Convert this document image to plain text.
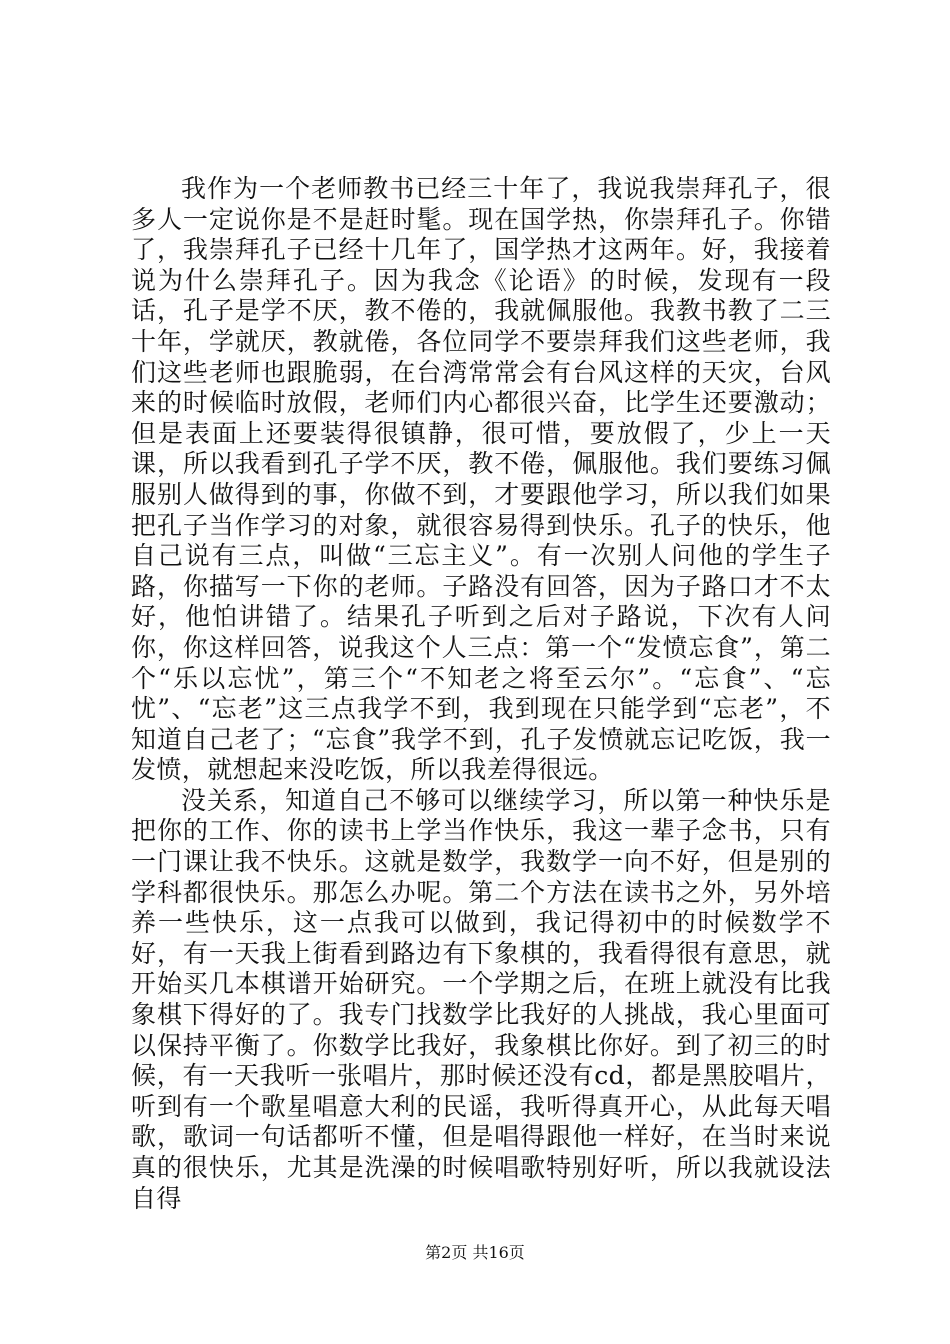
我作为一个老师教书已经三十年了，我说我崇拜孔子，很多人一定说你是不是赶时髦。现在国学热，你崇拜孔子。你错了，我崇拜孔子已经十几年了，国学热才这两年。好，我接着说为什么崇拜孔子。因为我念《论语》的时候，发现有一段话，孔子是学不厌，教不倦的，我就佩服他。我教书教了二三十年，学就厌，教就倦，各位同学不要崇拜我们这些老师，我们这些老师也跟脆弱，在台湾常常会有台风这样的天灾，台风来的时候临时放假，老师们内心都很兴奋，比学生还要激动；但是表面上还要装得很镇静，很可惜，要放假了，少上一天课，所以我看到孔子学不厌，教不倦，佩服他。我们要练习佩服别人做得到的事，你做不到，才要跟他学习，所以我们如果把孔子当作学习的对象，就很容易得到快乐。孔子的快乐，他自己说有三点，叫做“三忘主义”。有一次别人问他的学生子路，你描写一下你的老师。子路没有回答，因为子路口才不太好，他怕讲错了。结果孔子听到之后对子路说，下次有人问你，你这样回答，说我这个人三点：第一个“发愤忘食”，第二个“乐以忘忧”，第三个“不知老之将至云尔”。“忘食”、“忘忧”、“忘老”这三点我学不到，我到现在只能学到“忘老”，不知道自己老了；“忘食”我学不到，孔子发愤就忘记吃饭，我一发愤，就想起来没吃饭，所以我差得很远。

没关系，知道自己不够可以继续学习，所以第一种快乐是把你的工作、你的读书上学当作快乐，我这一辈子念书，只有一门课让我不快乐。这就是数学，我数学一向不好，但是别的学科都很快乐。那怎么办呢。第二个方法在读书之外，另外培养一些快乐，这一点我可以做到，我记得初中的时候数学不好，有一天我上街看到路边有下象棋的，我看得很有意思，就开始买几本棋谱开始研究。一个学期之后，在班上就没有比我象棋下得好的了。我专门找数学比我好的人挑战，我心里面可以保持平衡了。你数学比我好，我象棋比你好。到了初三的时候，有一天我听一张唱片，那时候还没有cd，都是黑胶唱片，听到有一个歌星唱意大利的民谣，我听得真开心，从此每天唱歌，歌词一句话都听不懂，但是唱得跟他一样好，在当时来说真的很快乐，尤其是洗澡的时候唱歌特别好听，所以我就设法自得

第2页 共16页
